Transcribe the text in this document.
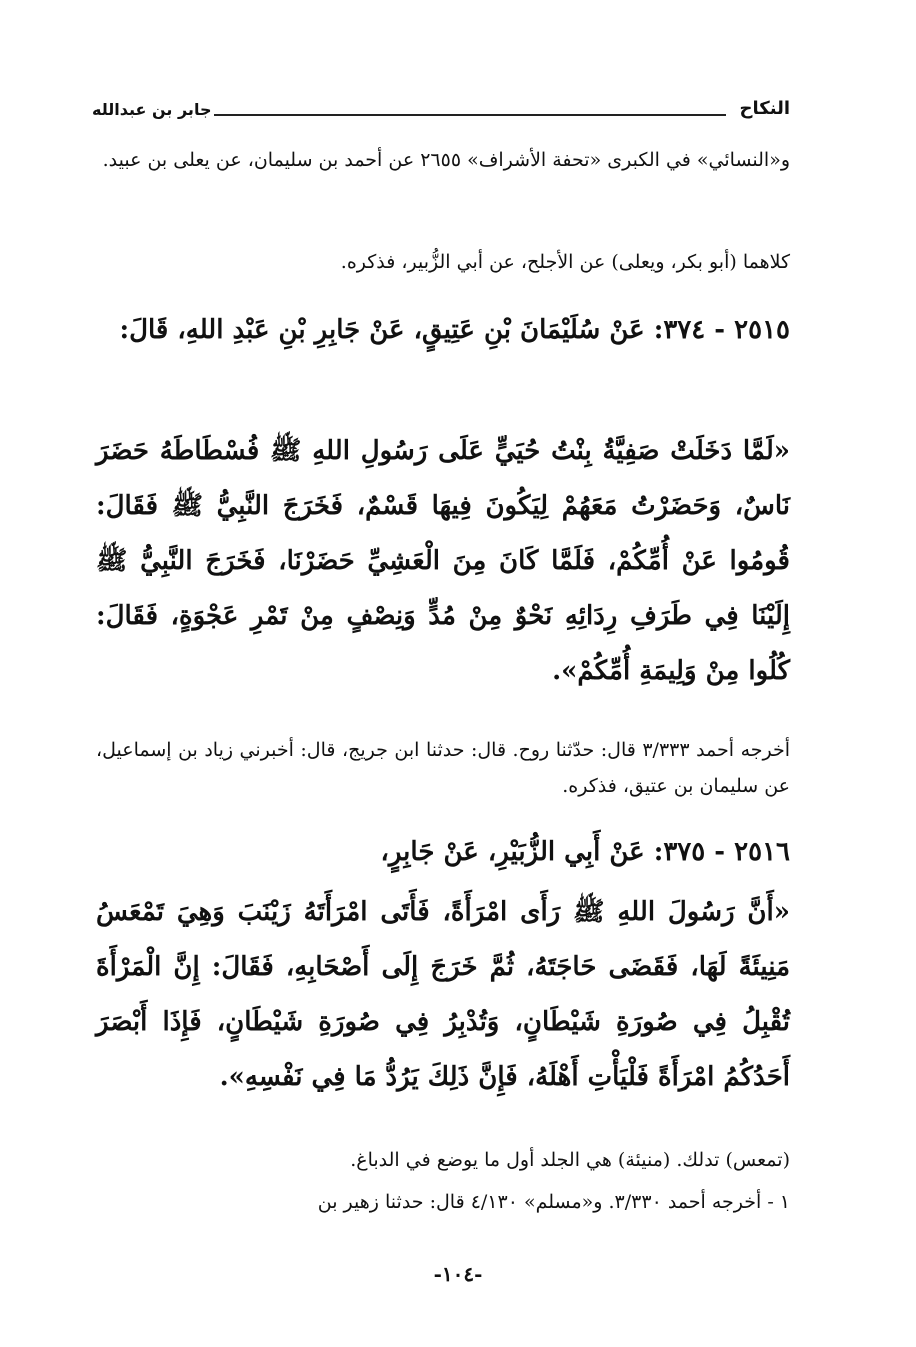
النكاح
جابر بن عبدالله
و«النسائي» في الكبرى «تحفة الأشراف» ٢٦٥٥ عن أحمد بن سليمان، عن يعلى بن عبيد.
كلاهما (أبو بكر، ويعلى) عن الأجلح، عن أبي الزُّبير، فذكره.
٢٥١٥ - ٣٧٤: عَنْ سُلَيْمَانَ بْنِ عَتِيقٍ، عَنْ جَابِرِ بْنِ عَبْدِ اللهِ، قَالَ:
«لَمَّا دَخَلَتْ صَفِيَّةُ بِنْتُ حُيَيٍّ عَلَى رَسُولِ اللهِ ﷺ فُسْطَاطَهُ حَضَرَ نَاسٌ، وَحَضَرْتُ مَعَهُمْ لِيَكُونَ فِيهَا قَسْمٌ، فَخَرَجَ النَّبِيُّ ﷺ فَقَالَ: قُومُوا عَنْ أُمِّكُمْ، فَلَمَّا كَانَ مِنَ الْعَشِيِّ حَضَرْنَا، فَخَرَجَ النَّبِيُّ ﷺ إِلَيْنَا فِي طَرَفِ رِدَائِهِ نَحْوٌ مِنْ مُدٍّ وَنِصْفٍ مِنْ تَمْرِ عَجْوَةٍ، فَقَالَ: كُلُوا مِنْ وَلِيمَةِ أُمِّكُمْ».
أخرجه أحمد ٣/٣٣٣ قال: حدّثنا روح. قال: حدثنا ابن جريج، قال: أخبرني زياد بن إسماعيل، عن سليمان بن عتيق، فذكره.
٢٥١٦ - ٣٧٥: عَنْ أَبِي الزُّبَيْرِ، عَنْ جَابِرٍ،
«أَنَّ رَسُولَ اللهِ ﷺ رَأَى امْرَأَةً، فَأَتَى امْرَأَتَهُ زَيْنَبَ وَهِيَ تَمْعَسُ مَنِيئَةً لَهَا، فَقَضَى حَاجَتَهُ، ثُمَّ خَرَجَ إِلَى أَصْحَابِهِ، فَقَالَ: إِنَّ الْمَرْأَةَ تُقْبِلُ فِي صُورَةِ شَيْطَانٍ، وَتُدْبِرُ فِي صُورَةِ شَيْطَانٍ، فَإِذَا أَبْصَرَ أَحَدُكُمُ امْرَأَةً فَلْيَأْتِ أَهْلَهُ، فَإِنَّ ذَلِكَ يَرُدُّ مَا فِي نَفْسِهِ».
(تمعس) تدلك. (منيئة) هي الجلد أول ما يوضع في الدباغ.
١ - أخرجه أحمد ٣/٣٣٠. و«مسلم» ٤/١٣٠ قال: حدثنا زهير بن
-١٠٤-
